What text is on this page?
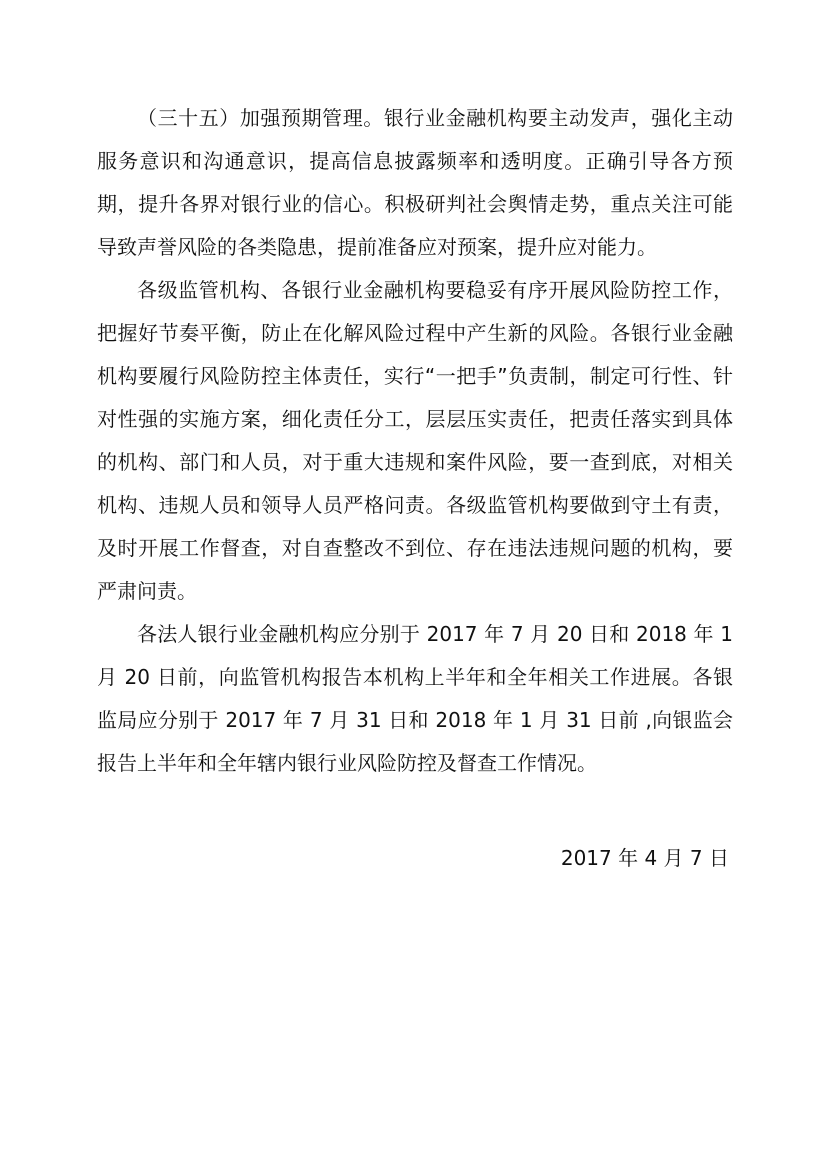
（三十五）加强预期管理。银行业金融机构要主动发声，强化主动服务意识和沟通意识，提高信息披露频率和透明度。正确引导各方预期，提升各界对银行业的信心。积极研判社会舆情走势，重点关注可能导致声誉风险的各类隐患，提前准备应对预案，提升应对能力。

各级监管机构、各银行业金融机构要稳妥有序开展风险防控工作，把握好节奏平衡，防止在化解风险过程中产生新的风险。各银行业金融机构要履行风险防控主体责任，实行“一把手”负责制，制定可行性、针对性强的实施方案，细化责任分工，层层压实责任，把责任落实到具体的机构、部门和人员，对于重大违规和案件风险，要一查到底，对相关机构、违规人员和领导人员严格问责。各级监管机构要做到守土有责，及时开展工作督查，对自查整改不到位、存在违法违规问题的机构，要严肃问责。

各法人银行业金融机构应分别于 2017 年 7 月 20 日和 2018 年 1 月 20 日前，向监管机构报告本机构上半年和全年相关工作进展。各银监局应分别于 2017 年 7 月 31 日和 2018 年 1 月 31 日前 ,向银监会报告上半年和全年辖内银行业风险防控及督查工作情况。

2017 年 4 月 7 日
